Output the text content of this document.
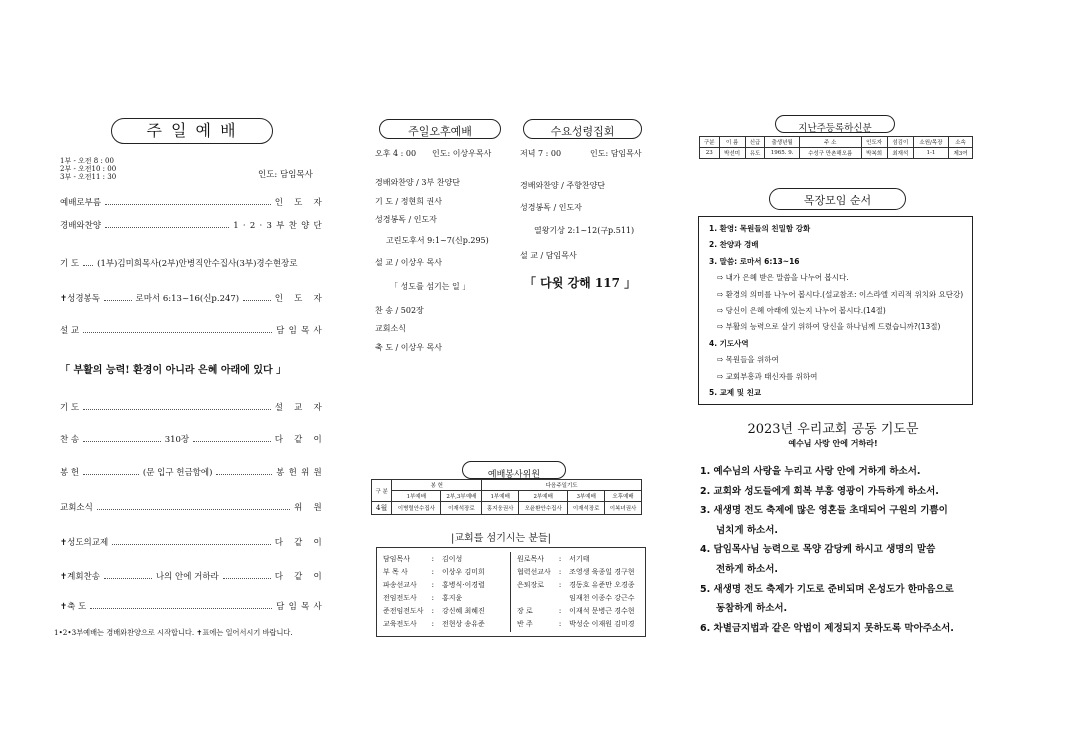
주 일 예 배
1부 - 오전 8 : 00
2부 - 오전10 : 00
3부 - 오전11 : 30	인도: 담임목사
예배로부름	인 도 자
경배와찬양	1·2·3부찬양단
기 도 (1부)김미희목사(2부)안병직안수집사(3부)경수현장로
✝성경봉독	로마서 6:13~16(신p.247)	인 도 자
설 교	담임목사
기 도	설 교 자
찬 송	310장	다 같 이
봉 헌	(문 입구 헌금함에)	봉헌위원
교회소식	위 원
✝성도의교제	다 같 이
✝계회찬송	나의 안에 거하라	다 같 이
✝축 도	담임목사
「 부활의 능력! 환경이 아니라 은혜 아래에 있다 」
1•2•3부예배는 경배와찬양으로 시작합니다. ✝표에는 일어서시기 바랍니다.
주일오후예배
오후 4 : 00 인도: 이상우목사
경배와찬양 / 3부 찬양단
기 도 / 정현희 권사
성경봉독 / 인도자
고린도후서 9:1~7(신p.295)
설 교 / 이상우 목사
「 성도를 섬기는 일 」
찬 송 / 502장
교회소식
축 도 / 이상우 목사
수요성령집회
저녁 7 : 00	인도: 담임목사
경배와찬양 / 주향찬양단
성경봉독 / 인도자
열왕기상 2:1~12(구p.511)
설 교 / 담임목사
「 다윗 강해 117 」
예배봉사위원
구 분	봉 헌		다음주일기도			
	1부예배	2부,3부예배	1부예배	2부예배	3부예배	오후예배
4월	이병렬안수집사	이재석장로	홍지웅권사	오윤환안수집사	이재석장로	이복녀권사
|교회를 섬기시는 분들|
담임목사	:	김이성
부 목 사	:	이상우 김미희
파송선교사	:	홍병식·이경렬
전임전도사	:	홍지윤
준전임전도사	:	강신혜 최혜진
교육전도사	:	전현상 송유준
원로목사	:	서기태
협력선교사	:	조영생 육종일 경구현
은퇴장로	:	경동호 유준만 오경종
		임재천 이종수 강근수
장 로	:	이재석 문병근 경수현
반 주	:	박성순 이재원 김미경
지난주등록하신분
구분	이 름	신급	출생년월	주 소	인도자	섬김이	소원/목장	소속
23	박선미	유도	1965. 9.	수성구 만촌해오름	박복희	최재석	1-1	제3여
목장모임 순서
1. 환영: 목원들의 친밀함 강화
2. 찬양과 경배
3. 말씀: 로마서 6:13~16
⇨ 내가 은혜 받은 말씀을 나누어 봅시다.
⇨ 환경의 의미를 나누어 봅시다.(설교참조: 이스라엘 지리적 위치와 요단강)
⇨ 당신이 은혜 아래에 있는지 나누어 봅시다.(14절)
⇨ 부활의 능력으로 살기 위하여 당신을 하나님께 드렸습니까?(13절)
4. 기도사역
⇨ 목원들을 위하여
⇨ 교회부흥과 태신자를 위하여
5. 교제 및 친교
2023년 우리교회 공동 기도문
예수님 사랑 안에 거하라!
1. 예수님의 사랑을 누리고 사랑 안에 거하게 하소서.
2. 교회와 성도들에게 회복 부흥 영광이 가득하게 하소서.
3. 새생명 전도 축제에 많은 영혼들 초대되어 구원의 기쁨이
넘치게 하소서.
4. 담임목사님 능력으로 목양 감당케 하시고 생명의 말씀
전하게 하소서.
5. 새생명 전도 축제가 기도로 준비되며 온성도가 한마음으로
동참하게 하소서.
6. 차별금지법과 같은 악법이 제정되지 못하도록 막아주소서.
